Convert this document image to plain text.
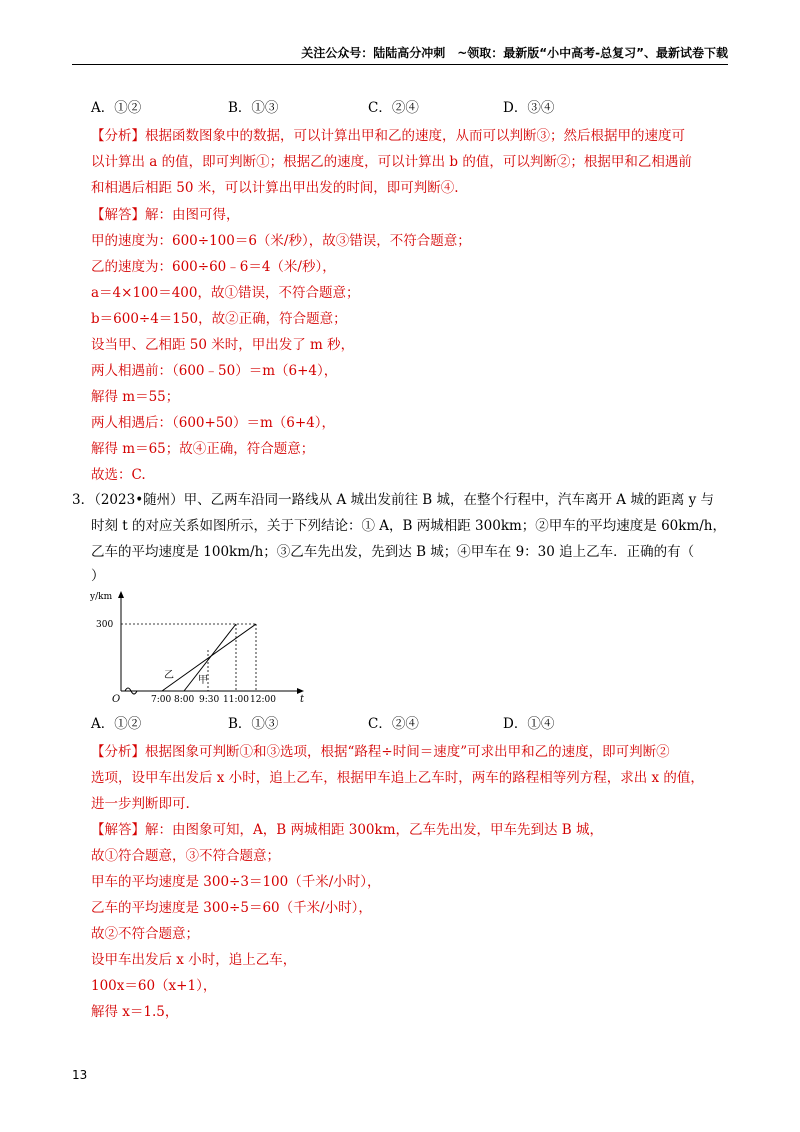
关注公众号：陆陆高分冲刺　~领取：最新版“小中高考-总复习”、最新试卷下载
A．①②	B．①③	C．②④	D．③④
【分析】根据函数图象中的数据，可以计算出甲和乙的速度，从而可以判断③；然后根据甲的速度可
以计算出 a 的值，即可判断①；根据乙的速度，可以计算出 b 的值，可以判断②；根据甲和乙相遇前
和相遇后相距 50 米，可以计算出甲出发的时间，即可判断④.
【解答】解：由图可得，
甲的速度为：600÷100＝6（米/秒），故③错误，不符合题意；
乙的速度为：600÷60﹣6＝4（米/秒），
a＝4×100＝400，故①错误，不符合题意；
b＝600÷4＝150，故②正确，符合题意；
设当甲、乙相距 50 米时，甲出发了 m 秒，
两人相遇前：（600﹣50）＝m（6+4），
解得 m＝55；
两人相遇后：（600+50）＝m（6+4），
解得 m＝65；故④正确，符合题意；
故选：C.
3．（2023•随州）甲、乙两车沿同一路线从 A 城出发前往 B 城，在整个行程中，汽车离开 A 城的距离 y 与
时刻 t 的对应关系如图所示，关于下列结论：① A，B 两城相距 300km；②甲车的平均速度是 60km/h，
乙车的平均速度是 100km/h；③乙车先出发，先到达 B 城；④甲车在 9：30 追上乙车．正确的有（
）
y/km
300
t
O	7:00 8:00 9:30 11:00 12:00
乙 甲
A．①②	B．①③	C．②④	D．①④
【分析】根据图象可判断①和③选项，根据“路程÷时间＝速度”可求出甲和乙的速度，即可判断②
选项，设甲车出发后 x 小时，追上乙车，根据甲车追上乙车时，两车的路程相等列方程，求出 x 的值，
进一步判断即可.
【解答】解：由图象可知，A，B 两城相距 300km，乙车先出发，甲车先到达 B 城，
故①符合题意，③不符合题意；
甲车的平均速度是 300÷3＝100（千米/小时），
乙车的平均速度是 300÷5＝60（千米/小时），
故②不符合题意；
设甲车出发后 x 小时，追上乙车，
100x＝60（x+1），
解得 x＝1.5，
13
